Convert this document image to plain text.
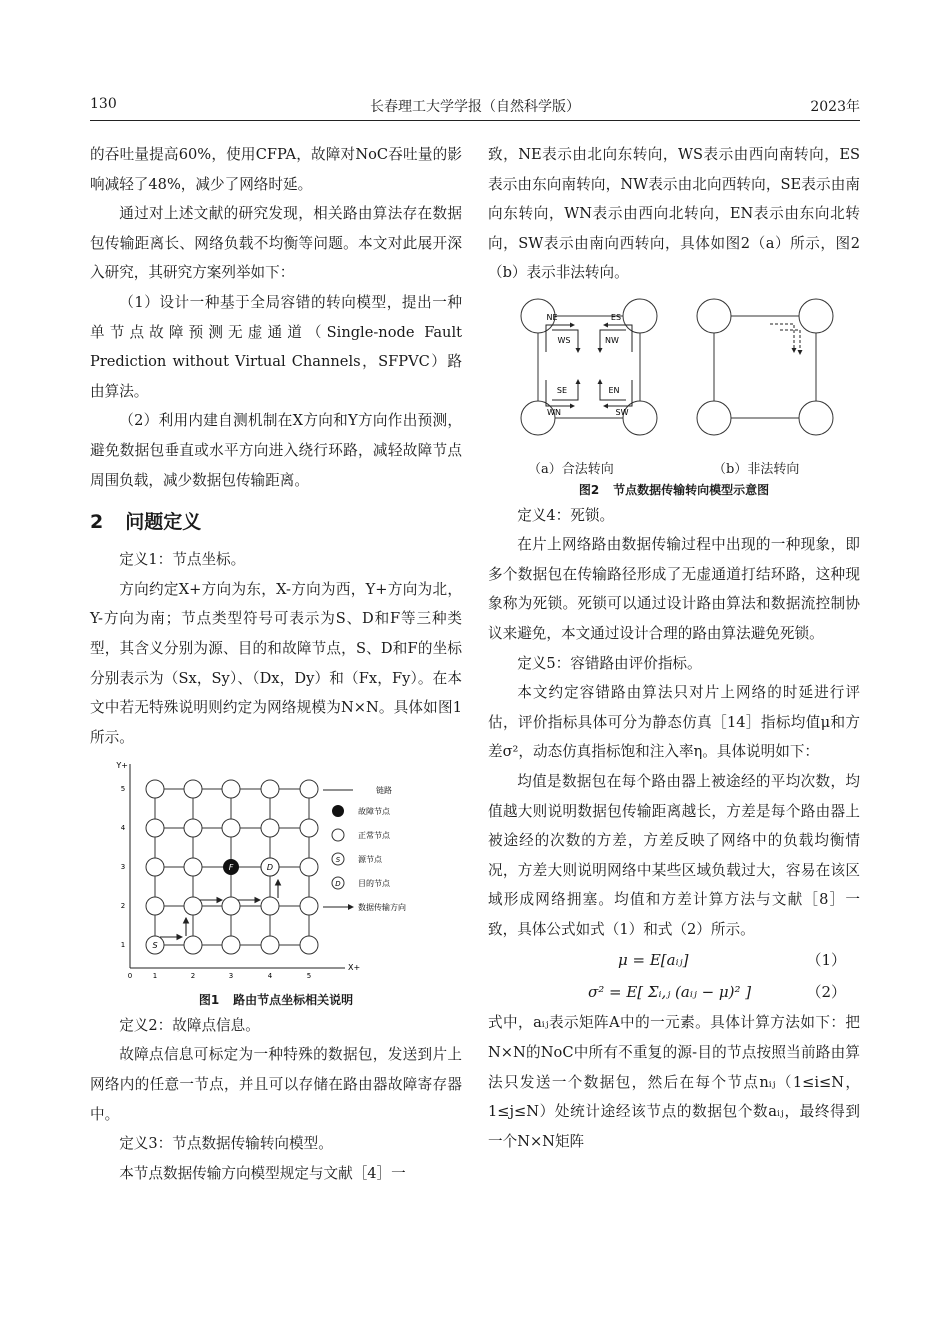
130	长春理工大学学报（自然科学版）	2023年

的吞吐量提高60%，使用CFPA，故障对NoC吞吐量的影响减轻了48%，减少了网络时延。

通过对上述文献的研究发现，相关路由算法存在数据包传输距离长、网络负载不均衡等问题。本文对此展开深入研究，其研究方案列举如下：

（1）设计一种基于全局容错的转向模型，提出一种单节点故障预测无虚通道（Single-node Fault Prediction without Virtual Channels，SFPVC）路由算法。

（2）利用内建自测机制在X方向和Y方向作出预测，避免数据包垂直或水平方向进入绕行环路，减轻故障节点周围负载，减少数据包传输距离。

2 问题定义

定义1：节点坐标。

方向约定X+方向为东，X-方向为西，Y+方向为北，Y-方向为南；节点类型符号可表示为S、D和F等三种类型，其含义分别为源、目的和故障节点，S、D和F的坐标分别表示为（Sx，Sy）、（Dx，Dy）和（Fx，Fy）。在本文中若无特殊说明则约定为网络规模为N×N。具体如图1所示。

Y+
X+
0	1	2	3	4	5
1
2
3
4
5
F
S
D
链路
故障节点
正常节点
S 源节点
D 目的节点
数据传输方向
图1 路由节点坐标相关说明

定义2：故障点信息。

故障点信息可标定为一种特殊的数据包，发送到片上网络内的任意一节点，并且可以存储在路由器故障寄存器中。

定义3：节点数据传输转向模型。

本节点数据传输方向模型规定与文献［4］一

致，NE表示由北向东转向，WS表示由西向南转向，ES表示由东向南转向，NW表示由北向西转向，SE表示由南向东转向，WN表示由西向北转向，EN表示由东向北转向，SW表示由南向西转向，具体如图2（a）所示，图2（b）表示非法转向。

NE	ES
WS	NW
SE	EN
WN	SW
（a）合法转向	（b）非法转向
图2 节点数据传输转向模型示意图

定义4：死锁。

在片上网络路由数据传输过程中出现的一种现象，即多个数据包在传输路径形成了无虚通道打结环路，这种现象称为死锁。死锁可以通过设计路由算法和数据流控制协议来避免，本文通过设计合理的路由算法避免死锁。

定义5：容错路由评价指标。

本文约定容错路由算法只对片上网络的时延进行评估，评价指标具体可分为静态仿真［14］指标均值μ和方差σ²，动态仿真指标饱和注入率η。具体说明如下：

均值是数据包在每个路由器上被途经的平均次数，均值越大则说明数据包传输距离越长，方差是每个路由器上被途经的次数的方差，方差反映了网络中的负载均衡情况，方差大则说明网络中某些区域负载过大，容易在该区域形成网络拥塞。均值和方差计算方法与文献［8］一致，具体公式如式（1）和式（2）所示。

μ = E[aᵢⱼ]	（1）
σ² = E[ Σᵢ,ⱼ (aᵢⱼ − μ)² ]	（2）

式中，aᵢⱼ表示矩阵A中的一元素。具体计算方法如下：把N×N的NoC中所有不重复的源-目的节点按照当前路由算法只发送一个数据包，然后在每个节点nᵢⱼ（1≤i≤N，1≤j≤N）处统计途经该节点的数据包个数aᵢⱼ，最终得到一个N×N矩阵
